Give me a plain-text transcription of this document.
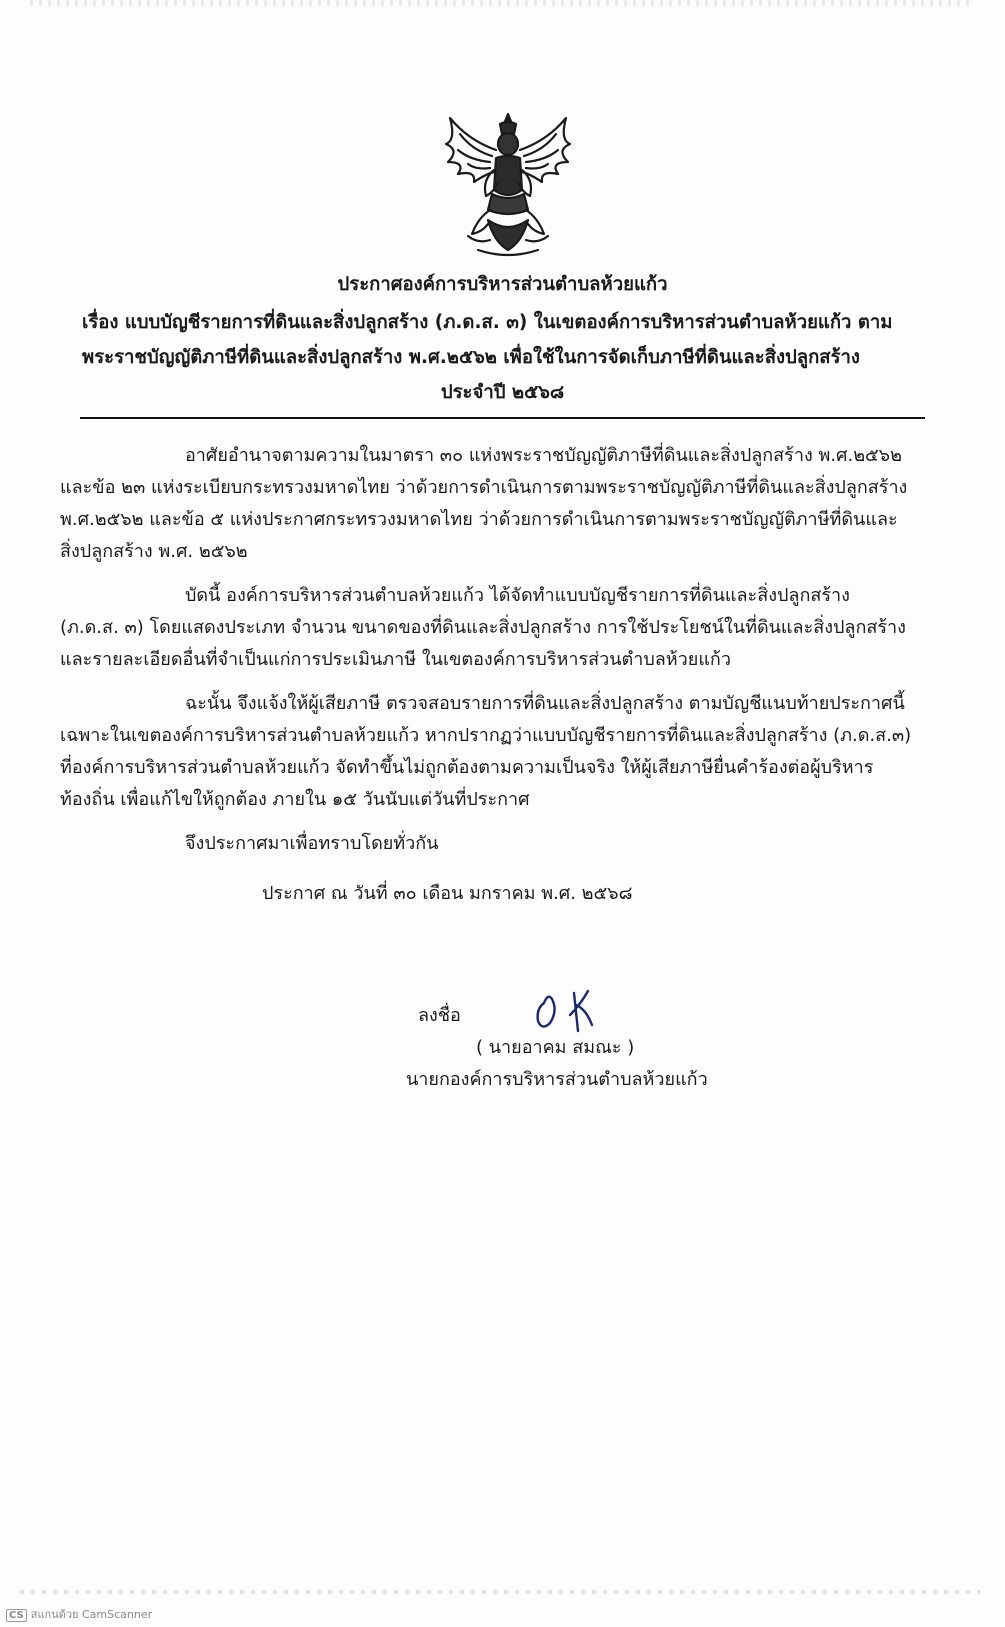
ประกาศองค์การบริหารส่วนตำบลห้วยแก้ว
เรื่อง แบบบัญชีรายการที่ดินและสิ่งปลูกสร้าง (ภ.ด.ส. ๓) ในเขตองค์การบริหารส่วนตำบลห้วยแก้ว ตาม
พระราชบัญญัติภาษีที่ดินและสิ่งปลูกสร้าง พ.ศ.๒๕๖๒ เพื่อใช้ในการจัดเก็บภาษีที่ดินและสิ่งปลูกสร้าง
ประจำปี ๒๕๖๘
อาศัยอำนาจตามความในมาตรา ๓๐ แห่งพระราชบัญญัติภาษีที่ดินและสิ่งปลูกสร้าง พ.ศ.๒๕๖๒
และข้อ ๒๓ แห่งระเบียบกระทรวงมหาดไทย ว่าด้วยการดำเนินการตามพระราชบัญญัติภาษีที่ดินและสิ่งปลูกสร้าง
พ.ศ.๒๕๖๒ และข้อ ๕ แห่งประกาศกระทรวงมหาดไทย ว่าด้วยการดำเนินการตามพระราชบัญญัติภาษีที่ดินและ
สิ่งปลูกสร้าง พ.ศ. ๒๕๖๒
บัดนี้ องค์การบริหารส่วนตำบลห้วยแก้ว ได้จัดทำแบบบัญชีรายการที่ดินและสิ่งปลูกสร้าง
(ภ.ด.ส. ๓) โดยแสดงประเภท จำนวน ขนาดของที่ดินและสิ่งปลูกสร้าง การใช้ประโยชน์ในที่ดินและสิ่งปลูกสร้าง
และรายละเอียดอื่นที่จำเป็นแก่การประเมินภาษี ในเขตองค์การบริหารส่วนตำบลห้วยแก้ว
ฉะนั้น จึงแจ้งให้ผู้เสียภาษี ตรวจสอบรายการที่ดินและสิ่งปลูกสร้าง ตามบัญชีแนบท้ายประกาศนี้
เฉพาะในเขตองค์การบริหารส่วนตำบลห้วยแก้ว หากปรากฏว่าแบบบัญชีรายการที่ดินและสิ่งปลูกสร้าง (ภ.ด.ส.๓)
ที่องค์การบริหารส่วนตำบลห้วยแก้ว จัดทำขึ้นไม่ถูกต้องตามความเป็นจริง ให้ผู้เสียภาษียื่นคำร้องต่อผู้บริหาร
ท้องถิ่น เพื่อแก้ไขให้ถูกต้อง ภายใน ๑๕ วันนับแต่วันที่ประกาศ
จึงประกาศมาเพื่อทราบโดยทั่วกัน
ประกาศ ณ วันที่ ๓๐ เดือน มกราคม พ.ศ. ๒๕๖๘
ลงชื่อ
( นายอาคม สมณะ )
นายกองค์การบริหารส่วนตำบลห้วยแก้ว
CS สแกนด้วย CamScanner
